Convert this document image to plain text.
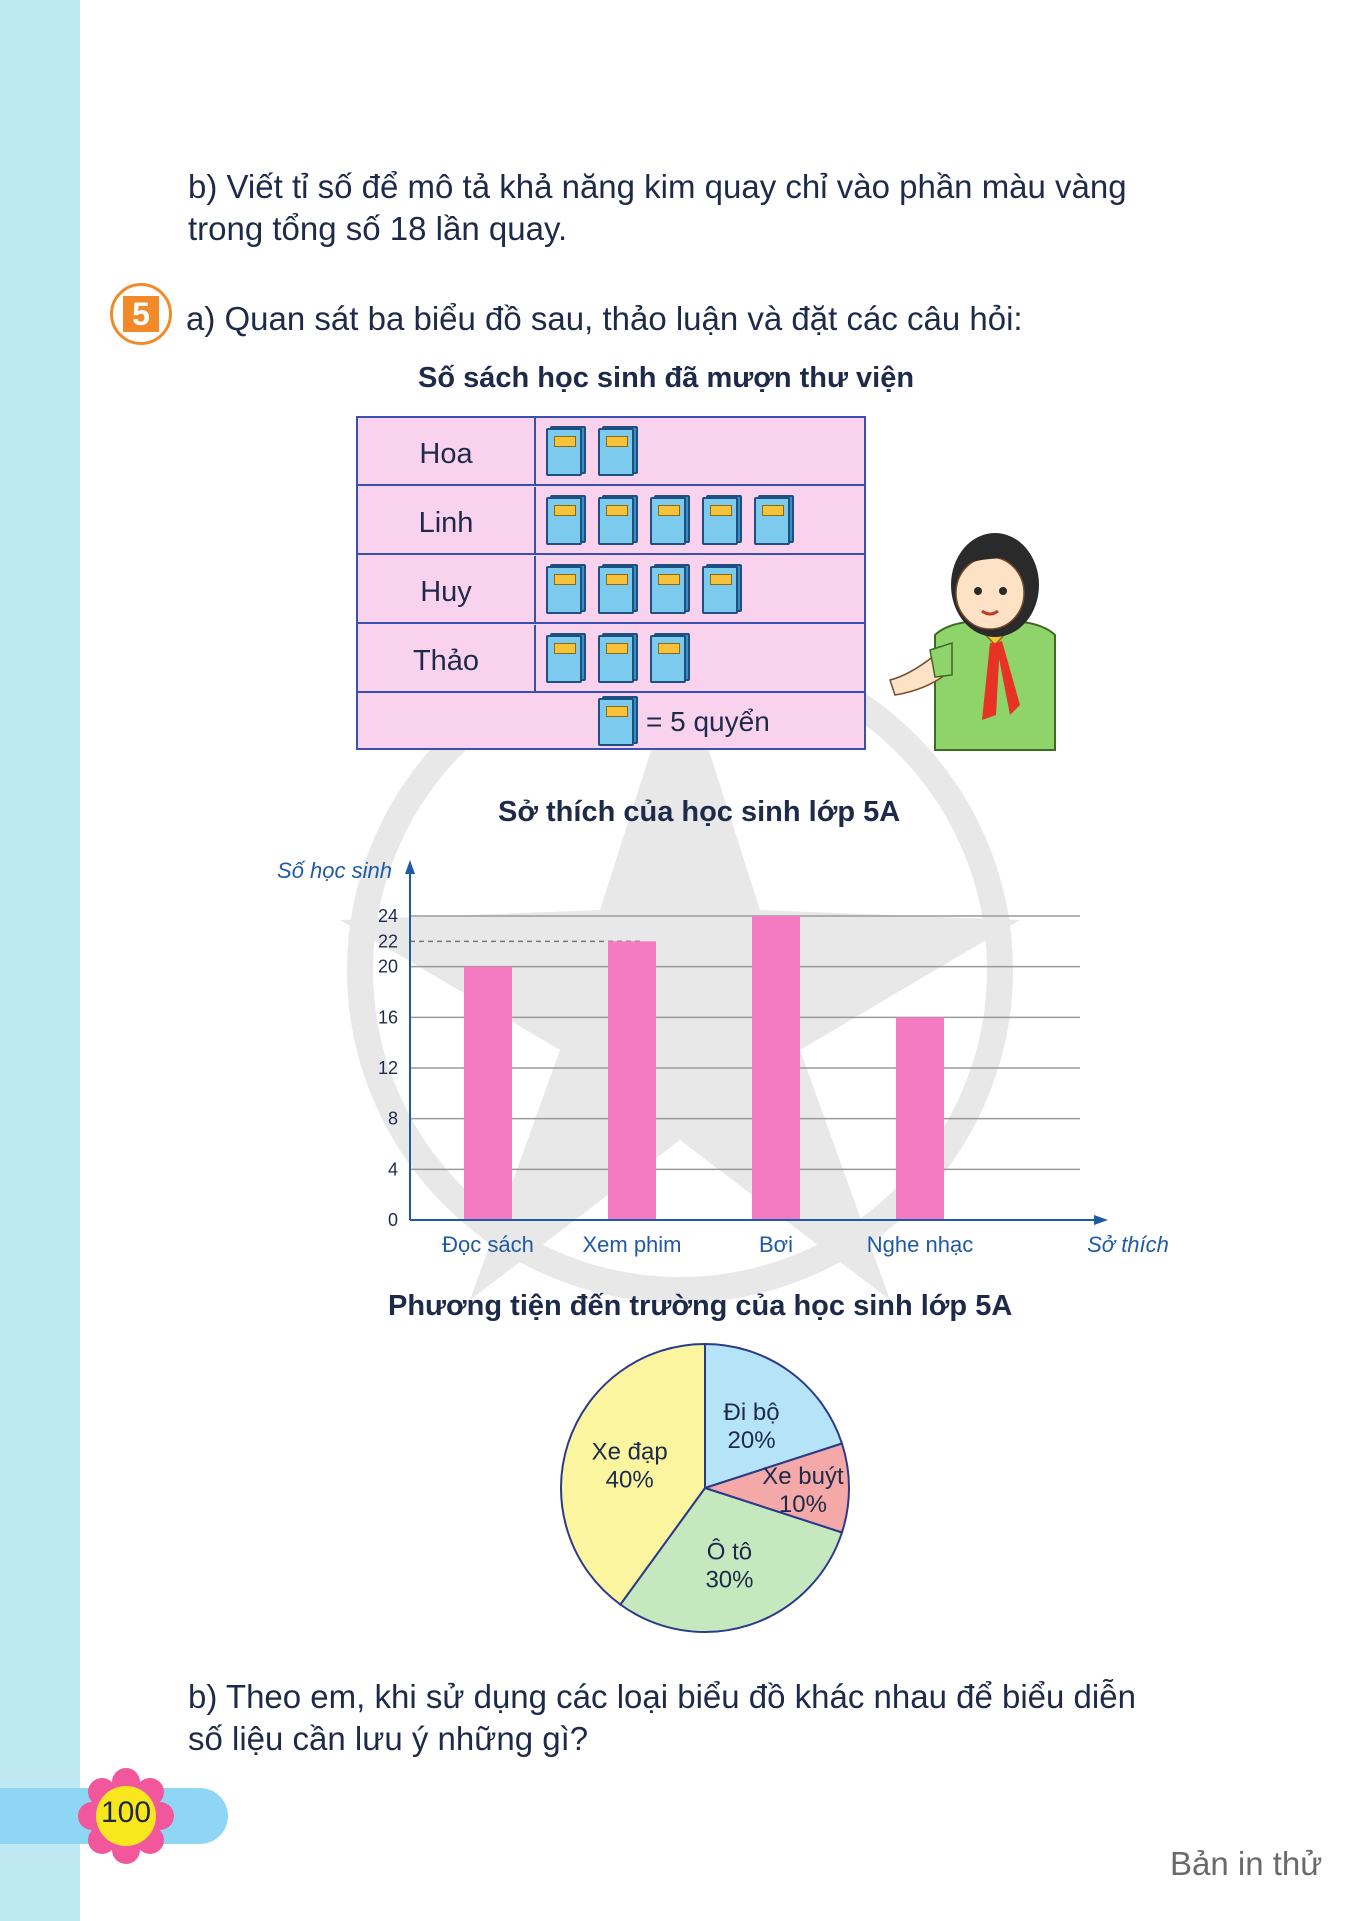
b) Viết tỉ số để mô tả khả năng kim quay chỉ vào phần màu vàng
trong tổng số 18 lần quay.
5 a) Quan sát ba biểu đồ sau, thảo luận và đặt các câu hỏi:
Số sách học sinh đã mượn thư viện
Hoa
Linh
Huy
Thảo
= 5 quyển
Sở thích của học sinh lớp 5A
Đọc sách Xem phim	Bơi	Nghe nhạc
0
4
8
12
16
20
22
24
Số học sinh
Sở thích
Phương tiện đến trường của học sinh lớp 5A
Đi bộ
20%
Xe buýt
10%
Ô tô
30%
Xe đạp
40%
b) Theo em, khi sử dụng các loại biểu đồ khác nhau để biểu diễn
số liệu cần lưu ý những gì?
100
Bản in thử
